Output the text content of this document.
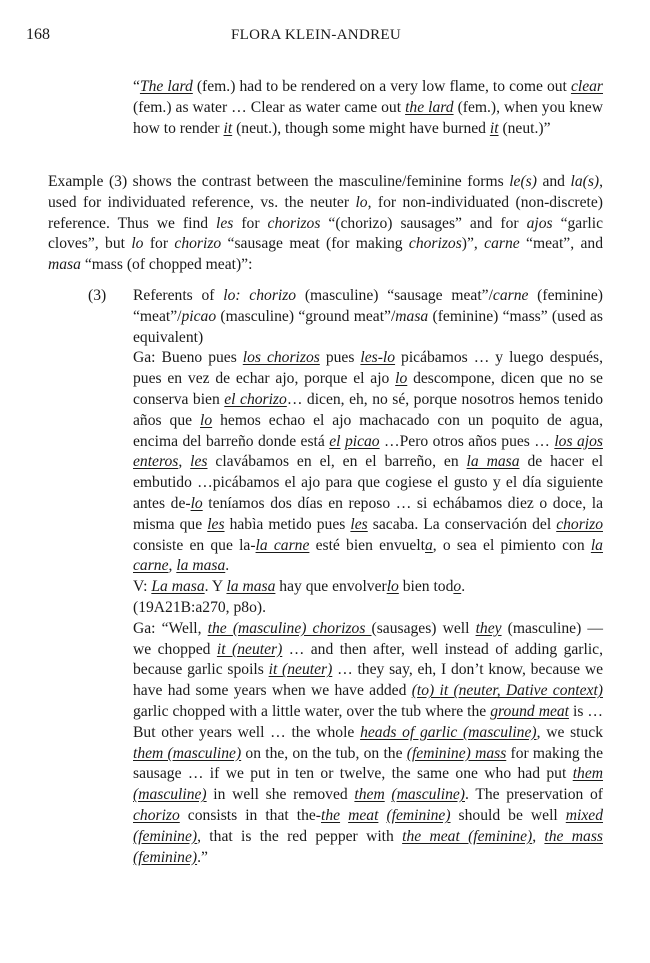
168	FLORA KLEIN-ANDREU

“The lard (fem.) had to be rendered on a very low flame, to come out clear (fem.) as water … Clear as water came out the lard (fem.), when you knew how to render it (neut.), though some might have burned it (neut.)”

Example (3) shows the contrast between the masculine/feminine forms le(s) and la(s), used for individuated reference, vs. the neuter lo, for non-individuated (non-discrete) reference. Thus we find les for chorizos “(chorizo) sausages” and for ajos “garlic cloves”, but lo for chorizo “sausage meat (for making chorizos)”, carne “meat”, and masa “mass (of chopped meat)”:

(3) Referents of lo: chorizo (masculine) “sausage meat”/carne (feminine) “meat”/picao (masculine) “ground meat”/masa (feminine) “mass” (used as equivalent)

Ga: Bueno pues los chorizos pues les-lo picábamos … y luego después, pues en vez de echar ajo, porque el ajo lo descompone, dicen que no se conserva bien el chorizo… dicen, eh, no sé, porque nosotros hemos tenido años que lo hemos echao el ajo machacado con un poquito de agua, encima del barreño donde está el picao …Pero otros años pues … los ajos enteros, les clavábamos en el, en el barreño, en la masa de hacer el embutido …picábamos el ajo para que cogiese el gusto y el día siguiente antes de-lo teníamos dos días en reposo … si echábamos diez o doce, la misma que les habìa metido pues les sacaba. La conservación del chorizo consiste en que la-la carne esté bien envuelta, o sea el pimiento con la carne, la masa.

V: La masa. Y la masa hay que envolverlo bien todo.

(19A21B:a270, p8o).

Ga: “Well, the (masculine) chorizos (sausages) well they (masculine) — we chopped it (neuter) … and then after, well instead of adding garlic, because garlic spoils it (neuter) … they say, eh, I don’t know, because we have had some years when we have added (to) it (neuter, Dative context) garlic chopped with a little water, over the tub where the ground meat is … But other years well … the whole heads of garlic (masculine), we stuck them (masculine) on the, on the tub, on the (feminine) mass for making the sausage … if we put in ten or twelve, the same one who had put them (masculine) in well she removed them (masculine). The preservation of chorizo consists in that the-the meat (feminine) should be well mixed (feminine), that is the red pepper with the meat (feminine), the mass (feminine).”
